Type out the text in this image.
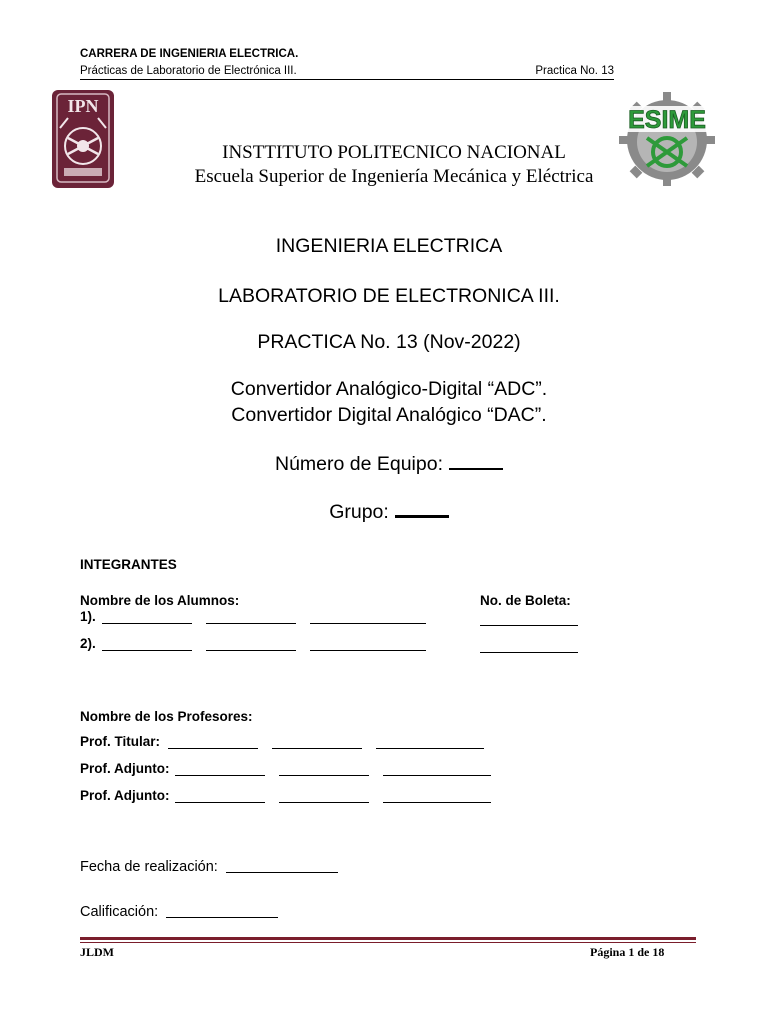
CARRERA DE INGENIERIA ELECTRICA.
Prácticas de Laboratorio de Electrónica III.	Practica No. 13
IPN	ESIME
INSTTITUTO POLITECNICO NACIONAL
Escuela Superior de Ingeniería Mecánica y Eléctrica
INGENIERIA ELECTRICA
LABORATORIO DE ELECTRONICA III.
PRACTICA No. 13 (Nov-2022)
Convertidor Analógico-Digital “ADC”.
Convertidor Digital Analógico “DAC”.
Número de Equipo:
Grupo:
INTEGRANTES
Nombre de los Alumnos:	No. de Boleta:
1).
2).
Nombre de los Profesores:
Prof. Titular:
Prof. Adjunto:
Prof. Adjunto:
Fecha de realización:
Calificación:
JLDM	Página 1 de 18
